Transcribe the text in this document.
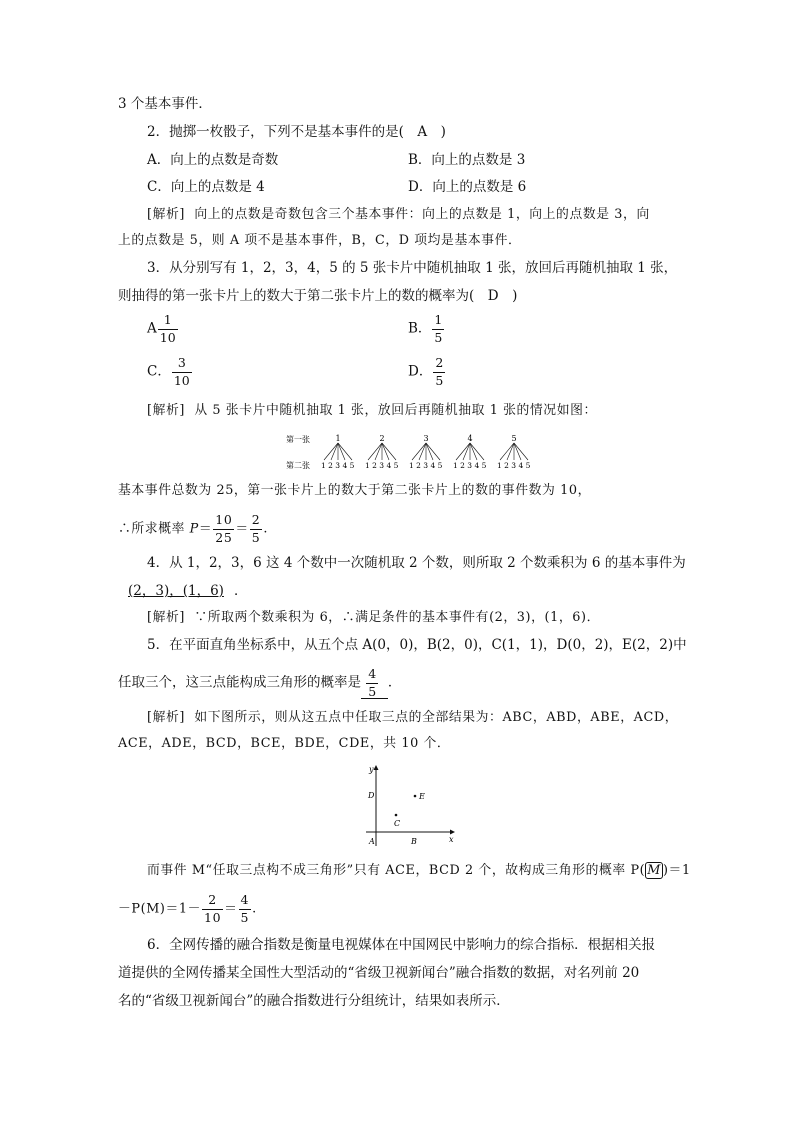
3 个基本事件．
2．抛掷一枚骰子，下列不是基本事件的是(　A　)
A．向上的点数是奇数	B．向上的点数是 3
C．向上的点数是 4	D．向上的点数是 6
[解析] 向上的点数是奇数包含三个基本事件：向上的点数是 1，向上的点数是 3，向
上的点数是 5，则 A 项不是基本事件，B，C，D 项均是基本事件．
3．从分别写有 1，2，3，4，5 的 5 张卡片中随机抽取 1 张，放回后再随机抽取 1 张，
则抽得的第一张卡片上的数大于第二张卡片上的数的概率为(　D　)
A $\frac{1}{10}$	B． $\frac{1}{5}$
C． $\frac{3}{10}$	D． $\frac{2}{5}$
[解析] 从 5 张卡片中随机抽取 1 张，放回后再随机抽取 1 张的情况如图：
第一张
第二张
1
1 2 3 4 5
2
1 2 3 4 5
3
1 2 3 4 5
4
1 2 3 4 5
5
1 2 3 4 5
基本事件总数为 25，第一张卡片上的数大于第二张卡片上的数的事件数为 10，
∴所求概率 $P= \frac{10}{25} = \frac{2}{5}$ .
4．从 1，2，3，6 这 4 个数中一次随机取 2 个数，则所取 2 个数乘积为 6 的基本事件为
(2，3)，(1，6) ．
[解析] ∵所取两个数乘积为 6，∴满足条件的基本事件有(2，3)，(1，6)．
5．在平面直角坐标系中，从五个点 A(0，0)，B(2，0)，C(1，1)，D(0，2)，E(2，2)中
任取三个，这三点能构成三角形的概率是 $\frac{4}{5}$ ．
[解析] 如下图所示，则从这五点中任取三点的全部结果为：ABC，ABD，ABE，ACD，
ACE，ADE，BCD，BCE，BDE，CDE，共 10 个．
y
x
D	E
C
A	B
而事件 M“任取三点构不成三角形”只有 ACE，BCD 2 个，故构成三角形的概率 P( M )＝1
$-P(M)=1- \frac{2}{10} = \frac{4}{5}$ .
6．全网传播的融合指数是衡量电视媒体在中国网民中影响力的综合指标．根据相关报
道提供的全网传播某全国性大型活动的“省级卫视新闻台”融合指数的数据，对名列前 20
名的“省级卫视新闻台”的融合指数进行分组统计，结果如表所示．
